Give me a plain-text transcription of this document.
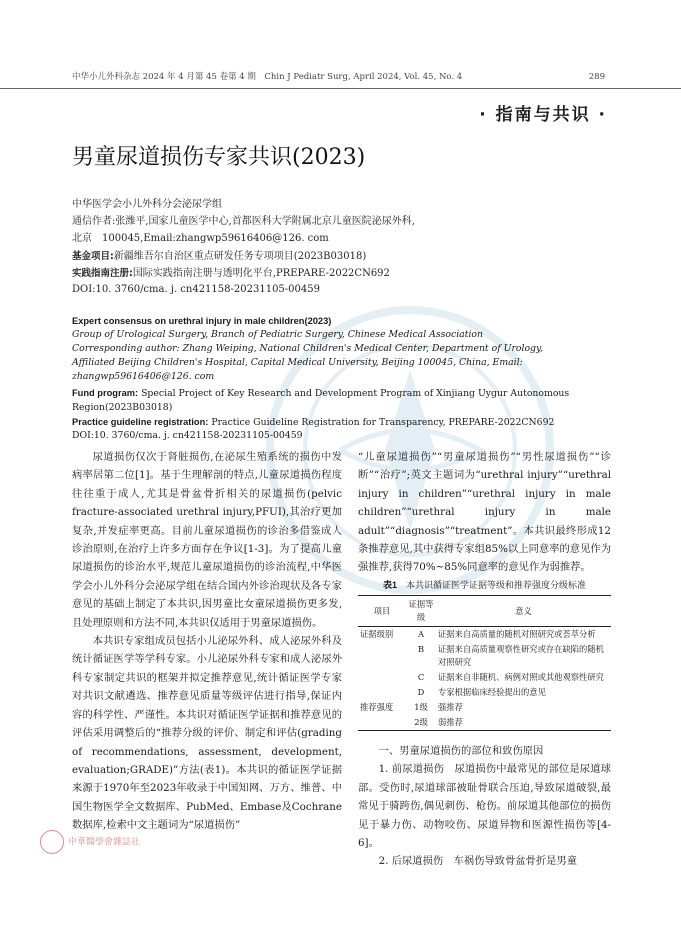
中华小儿外科杂志 2024 年 4 月第 45 卷第 4 期　Chin J Pediatr Surg, April 2024, Vol. 45, No. 4	289
· 指南与共识 ·
男童尿道损伤专家共识(2023)
中华医学会小儿外科分会泌尿学组
通信作者:张潍平,国家儿童医学中心,首都医科大学附属北京儿童医院泌尿外科,
北京　100045,Email:zhangwp59616406@126. com
基金项目:新疆维吾尔自治区重点研发任务专项项目(2023B03018)
实践指南注册:国际实践指南注册与透明化平台,PREPARE-2022CN692
DOI:10. 3760/cma. j. cn421158-20231105-00459
Expert consensus on urethral injury in male children(2023)
Group of Urological Surgery, Branch of Pediatric Surgery, Chinese Medical Association
Corresponding author: Zhang Weiping, National Children's Medical Center, Department of Urology,
Affiliated Beijing Children's Hospital, Capital Medical University, Beijing 100045, China, Email:
zhangwp59616406@126. com
Fund program: Special Project of Key Research and Development Program of Xinjiang Uygur Autonomous Region(2023B03018)
Practice guideline registration: Practice Guideline Registration for Transparency, PREPARE-2022CN692
DOI:10. 3760/cma. j. cn421158-20231105-00459

尿道损伤仅次于肾脏损伤,在泌尿生殖系统的损伤中发病率居第二位[1]。基于生理解剖的特点,儿童尿道损伤程度往往重于成人,尤其是骨盆骨折相关的尿道损伤(pelvic fracture-associated urethral injury,PFUI),其治疗更加复杂,并发症率更高。目前儿童尿道损伤的诊治多借鉴成人诊治原则,在治疗上许多方面存在争议[1-3]。为了提高儿童尿道损伤的诊治水平,规范儿童尿道损伤的诊治流程,中华医学会小儿外科分会泌尿学组在结合国内外诊治现状及各专家意见的基础上制定了本共识,因男童比女童尿道损伤更多发,且处理原则和方法不同,本共识仅适用于男童尿道损伤。

本共识专家组成员包括小儿泌尿外科、成人泌尿外科及统计循证医学等学科专家。小儿泌尿外科专家和成人泌尿外科专家制定共识的框架并拟定推荐意见,统计循证医学专家对共识文献遴选、推荐意见质量等级评估进行指导,保证内容的科学性、严谨性。本共识对循证医学证据和推荐意见的评估采用调整后的“推荐分级的评价、制定和评估(grading of recommendations, assessment, development, evaluation;GRADE)”方法(表1)。本共识的循证医学证据来源于1970年至2023年收录于中国知网、万方、维普、中国生物医学全文数据库、PubMed、Embase及Cochrane数据库,检索中文主题词为“尿道损伤”

“儿童尿道损伤”“男童尿道损伤”“男性尿道损伤”“诊断”“治疗”;英文主题词为“urethral injury”“urethral injury in children”“urethral injury in male children”“urethral injury in male adult”“diagnosis”“treatment”。本共识最终形成12条推荐意见,其中获得专家组85%以上同意率的意见作为强推荐,获得70%~85%同意率的意见作为弱推荐。

表1　 本共识循证医学证据等级和推荐强度分级标准
项目	证据等级	意义
证据级别	A	证据来自高质量的随机对照研究或荟萃分析
	B	证据来自高质量观察性研究或存在缺陷的随机对照研究
	C	证据来自非随机、病例对照或其他观察性研究
	D	专家根据临床经验提出的意见
推荐强度	1级	强推荐
	2级	弱推荐

一、男童尿道损伤的部位和致伤原因

1. 前尿道损伤　尿道损伤中最常见的部位是尿道球部。受伤时,尿道球部被耻骨联合压迫,导致尿道破裂,最常见于骑跨伤,偶见刺伤、枪伤。前尿道其他部位的损伤见于暴力伤、动物咬伤、尿道异物和医源性损伤等[4-6]。

2. 后尿道损伤　车祸伤导致骨盆骨折是男童

中華醫學會雜誌社
